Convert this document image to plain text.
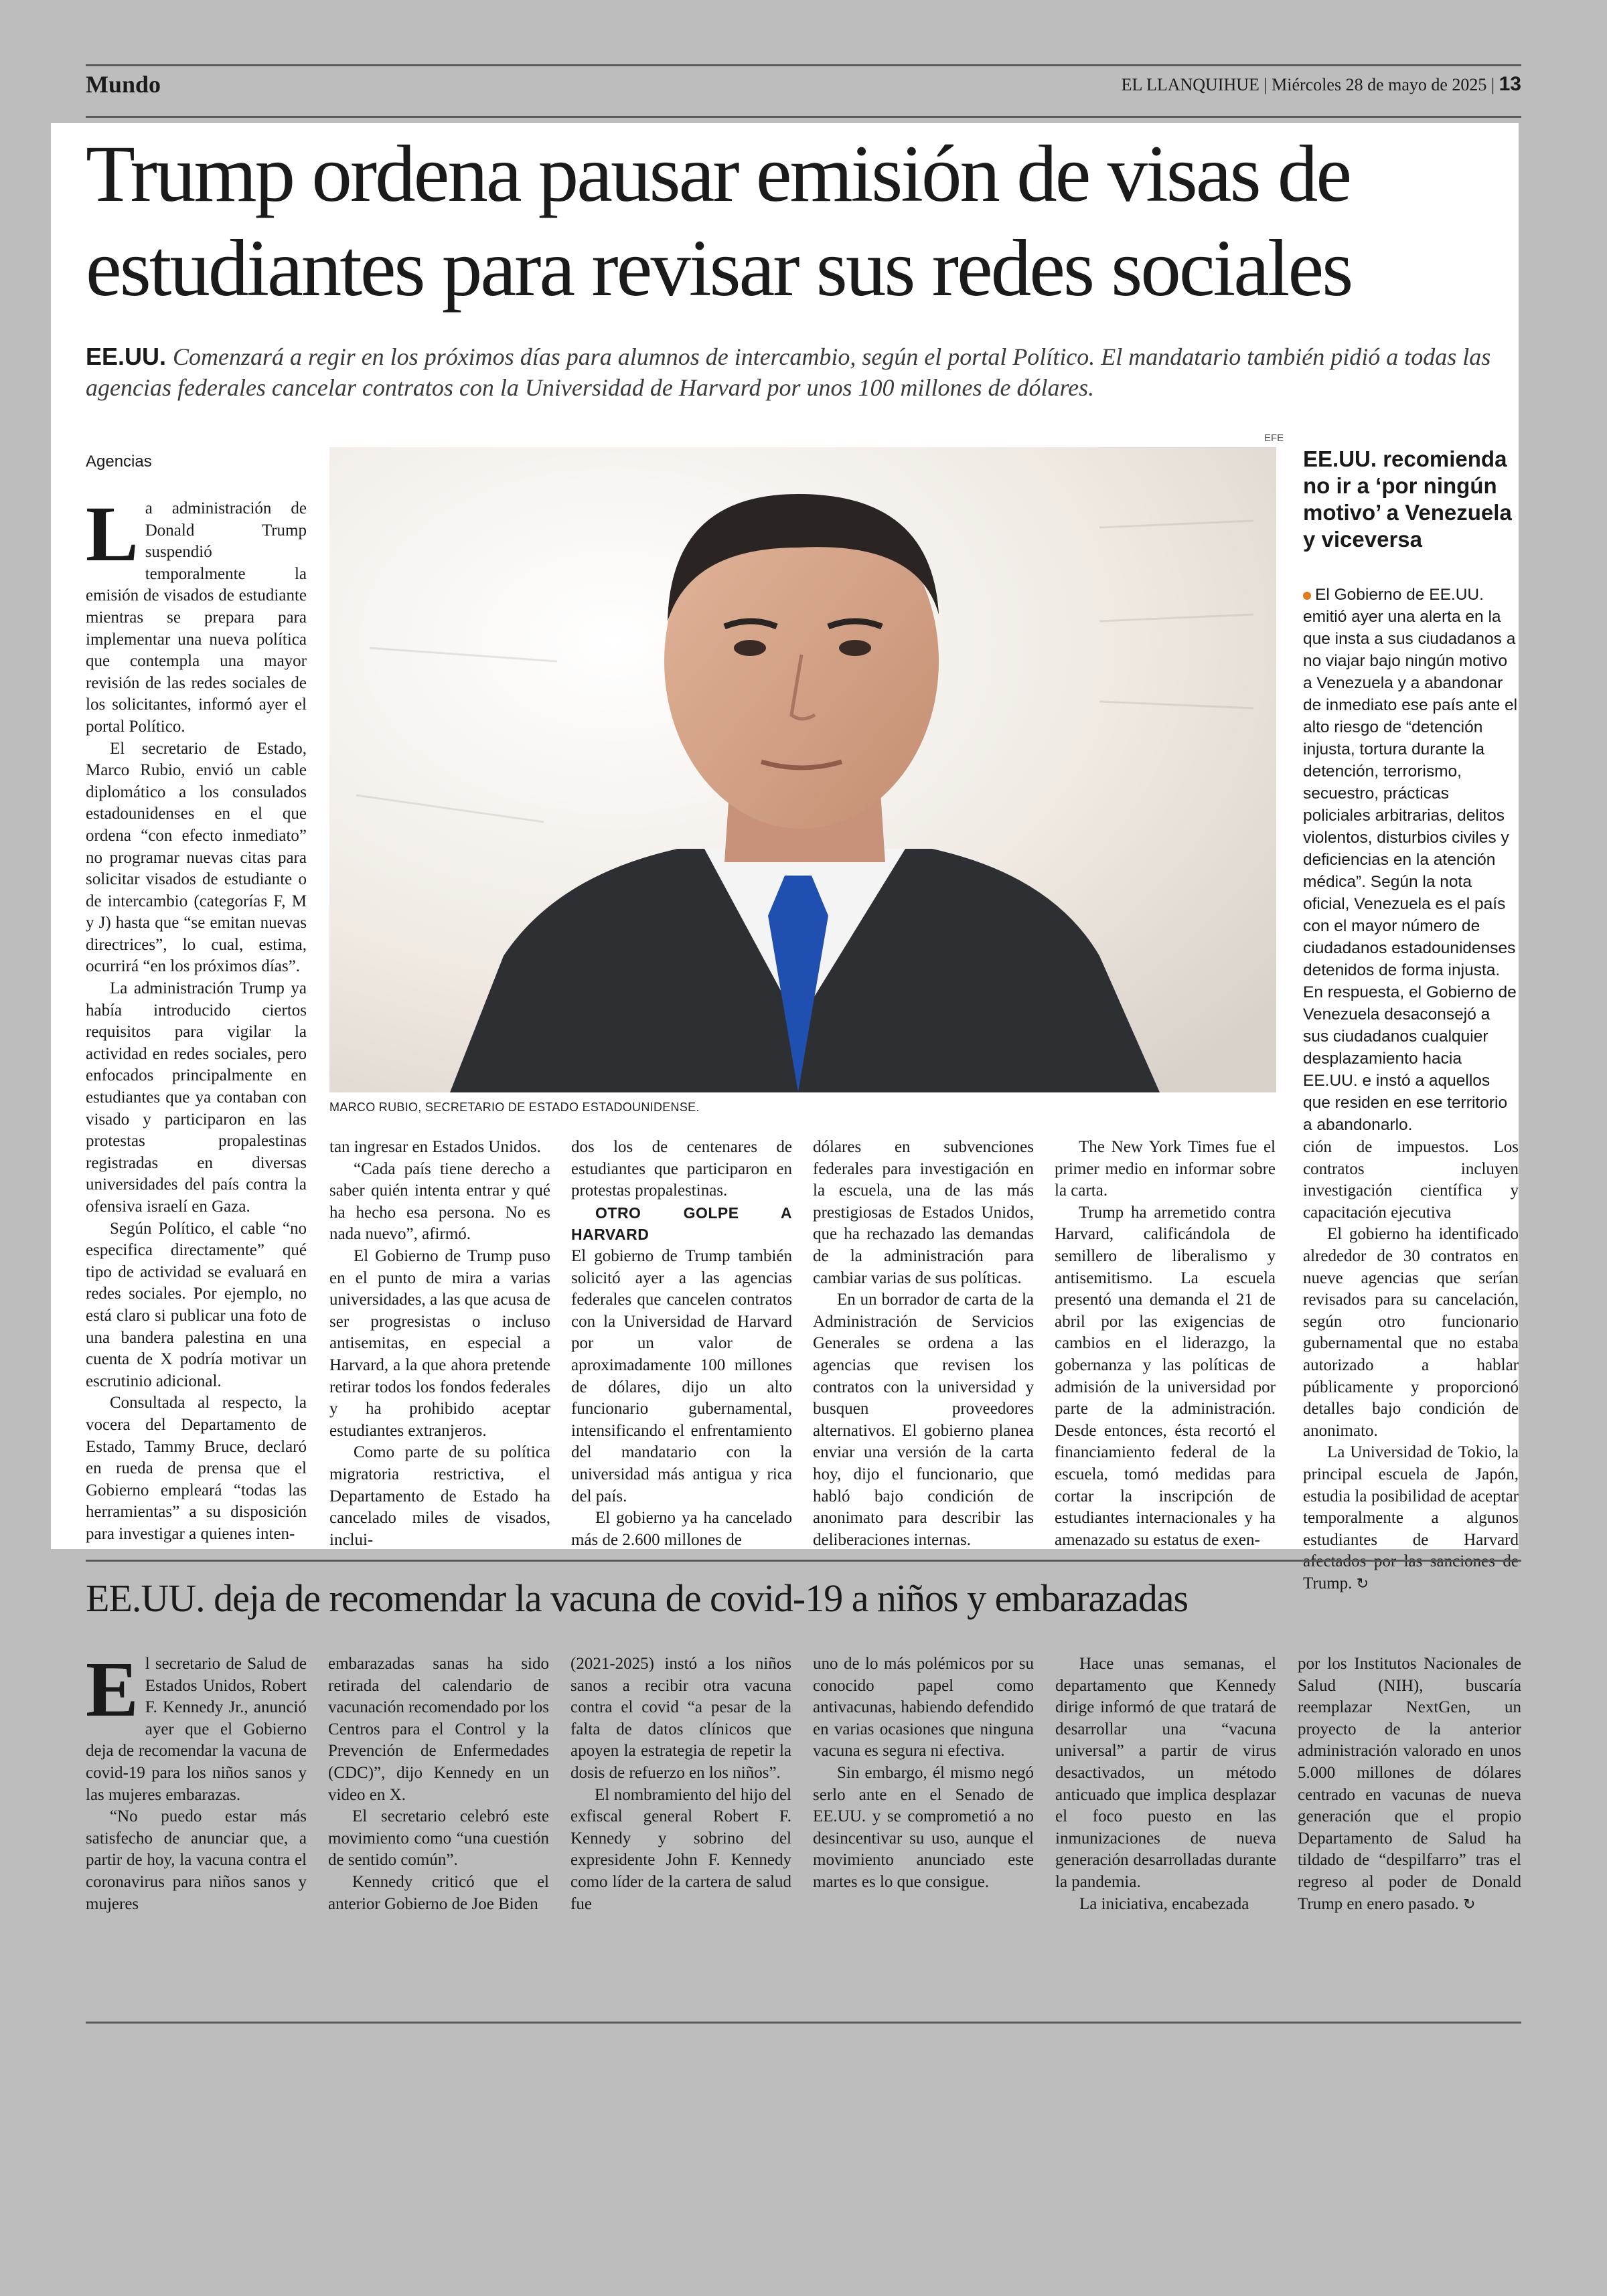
Mundo	EL LLANQUIHUE | Miércoles 28 de mayo de 2025 | 13
Trump ordena pausar emisión de visas de estudiantes para revisar sus redes sociales

EE.UU. Comenzará a regir en los próximos días para alumnos de intercambio, según el portal Político. El mandatario también pidió a todas las agencias federales cancelar contratos con la Universidad de Harvard por unos 100 millones de dólares.

Agencias

La administración de Donald Trump suspendió temporalmente la emisión de visados de estudiante mientras se prepara para implementar una nueva política que contempla una mayor revisión de las redes sociales de los solicitantes, informó ayer el portal Político.

El secretario de Estado, Marco Rubio, envió un cable diplomático a los consulados estadounidenses en el que ordena “con efecto inmediato” no programar nuevas citas para solicitar visados de estudiante o de intercambio (categorías F, M y J) hasta que “se emitan nuevas directrices”, lo cual, estima, ocurrirá “en los próximos días”.

La administración Trump ya había introducido ciertos requisitos para vigilar la actividad en redes sociales, pero enfocados principalmente en estudiantes que ya contaban con visado y participaron en las protestas propalestinas registradas en diversas universidades del país contra la ofensiva israelí en Gaza.

Según Político, el cable “no especifica directamente” qué tipo de actividad se evaluará en redes sociales. Por ejemplo, no está claro si publicar una foto de una bandera palestina en una cuenta de X podría motivar un escrutinio adicional.

Consultada al respecto, la vocera del Departamento de Estado, Tammy Bruce, declaró en rueda de prensa que el Gobierno empleará “todas las herramientas” a su disposición para investigar a quienes inten-

EFE
MARCO RUBIO, SECRETARIO DE ESTADO ESTADOUNIDENSE.
EE.UU. recomienda no ir a ‘por ningún motivo’ a Venezuela y viceversa
El Gobierno de EE.UU. emitió ayer una alerta en la que insta a sus ciudadanos a no viajar bajo ningún motivo a Venezuela y a abandonar de inmediato ese país ante el alto riesgo de “detención injusta, tortura durante la detención, terrorismo, secuestro, prácticas policiales arbitrarias, delitos violentos, disturbios civiles y deficiencias en la atención médica”. Según la nota oficial, Venezuela es el país con el mayor número de ciudadanos estadounidenses detenidos de forma injusta. En respuesta, el Gobierno de Venezuela desaconsejó a sus ciudadanos cualquier desplazamiento hacia EE.UU. e instó a aquellos que residen en ese territorio a abandonarlo.

tan ingresar en Estados Unidos.

“Cada país tiene derecho a saber quién intenta entrar y qué ha hecho esa persona. No es nada nuevo”, afirmó.

El Gobierno de Trump puso en el punto de mira a varias universidades, a las que acusa de ser progresistas o incluso antisemitas, en especial a Harvard, a la que ahora pretende retirar todos los fondos federales y ha prohibido aceptar estudiantes extranjeros.

Como parte de su política migratoria restrictiva, el Departamento de Estado ha cancelado miles de visados, inclui-

dos los de centenares de estudiantes que participaron en protestas propalestinas.

OTRO GOLPE A HARVARD

El gobierno de Trump también solicitó ayer a las agencias federales que cancelen contratos con la Universidad de Harvard por un valor de aproximadamente 100 millones de dólares, dijo un alto funcionario gubernamental, intensificando el enfrentamiento del mandatario con la universidad más antigua y rica del país.

El gobierno ya ha cancelado más de 2.600 millones de

dólares en subvenciones federales para investigación en la escuela, una de las más prestigiosas de Estados Unidos, que ha rechazado las demandas de la administración para cambiar varias de sus políticas.

En un borrador de carta de la Administración de Servicios Generales se ordena a las agencias que revisen los contratos con la universidad y busquen proveedores alternativos. El gobierno planea enviar una versión de la carta hoy, dijo el funcionario, que habló bajo condición de anonimato para describir las deliberaciones internas.

The New York Times fue el primer medio en informar sobre la carta.

Trump ha arremetido contra Harvard, calificándola de semillero de liberalismo y antisemitismo. La escuela presentó una demanda el 21 de abril por las exigencias de cambios en el liderazgo, la gobernanza y las políticas de admisión de la universidad por parte de la administración. Desde entonces, ésta recortó el financiamiento federal de la escuela, tomó medidas para cortar la inscripción de estudiantes internacionales y ha amenazado su estatus de exen-

ción de impuestos. Los contratos incluyen investigación científica y capacitación ejecutiva

El gobierno ha identificado alrededor de 30 contratos en nueve agencias que serían revisados para su cancelación, según otro funcionario gubernamental que no estaba autorizado a hablar públicamente y proporcionó detalles bajo condición de anonimato.

La Universidad de Tokio, la principal escuela de Japón, estudia la posibilidad de aceptar temporalmente a algunos estudiantes de Harvard afectados por las sanciones de Trump. ↻

EE.UU. deja de recomendar la vacuna de covid-19 a niños y embarazadas

El secretario de Salud de Estados Unidos, Robert F. Kennedy Jr., anunció ayer que el Gobierno deja de recomendar la vacuna de covid-19 para los niños sanos y las mujeres embarazas.

“No puedo estar más satisfecho de anunciar que, a partir de hoy, la vacuna contra el coronavirus para niños sanos y mujeres

embarazadas sanas ha sido retirada del calendario de vacunación recomendado por los Centros para el Control y la Prevención de Enfermedades (CDC)”, dijo Kennedy en un video en X.

El secretario celebró este movimiento como “una cuestión de sentido común”.

Kennedy criticó que el anterior Gobierno de Joe Biden

(2021-2025) instó a los niños sanos a recibir otra vacuna contra el covid “a pesar de la falta de datos clínicos que apoyen la estrategia de repetir la dosis de refuerzo en los niños”.

El nombramiento del hijo del exfiscal general Robert F. Kennedy y sobrino del expresidente John F. Kennedy como líder de la cartera de salud fue

uno de lo más polémicos por su conocido papel como antivacunas, habiendo defendido en varias ocasiones que ninguna vacuna es segura ni efectiva.

Sin embargo, él mismo negó serlo ante en el Senado de EE.UU. y se comprometió a no desincentivar su uso, aunque el movimiento anunciado este martes es lo que consigue.

Hace unas semanas, el departamento que Kennedy dirige informó de que tratará de desarrollar una “vacuna universal” a partir de virus desactivados, un método anticuado que implica desplazar el foco puesto en las inmunizaciones de nueva generación desarrolladas durante la pandemia.

La iniciativa, encabezada

por los Institutos Nacionales de Salud (NIH), buscaría reemplazar NextGen, un proyecto de la anterior administración valorado en unos 5.000 millones de dólares centrado en vacunas de nueva generación que el propio Departamento de Salud ha tildado de “despilfarro” tras el regreso al poder de Donald Trump en enero pasado. ↻
